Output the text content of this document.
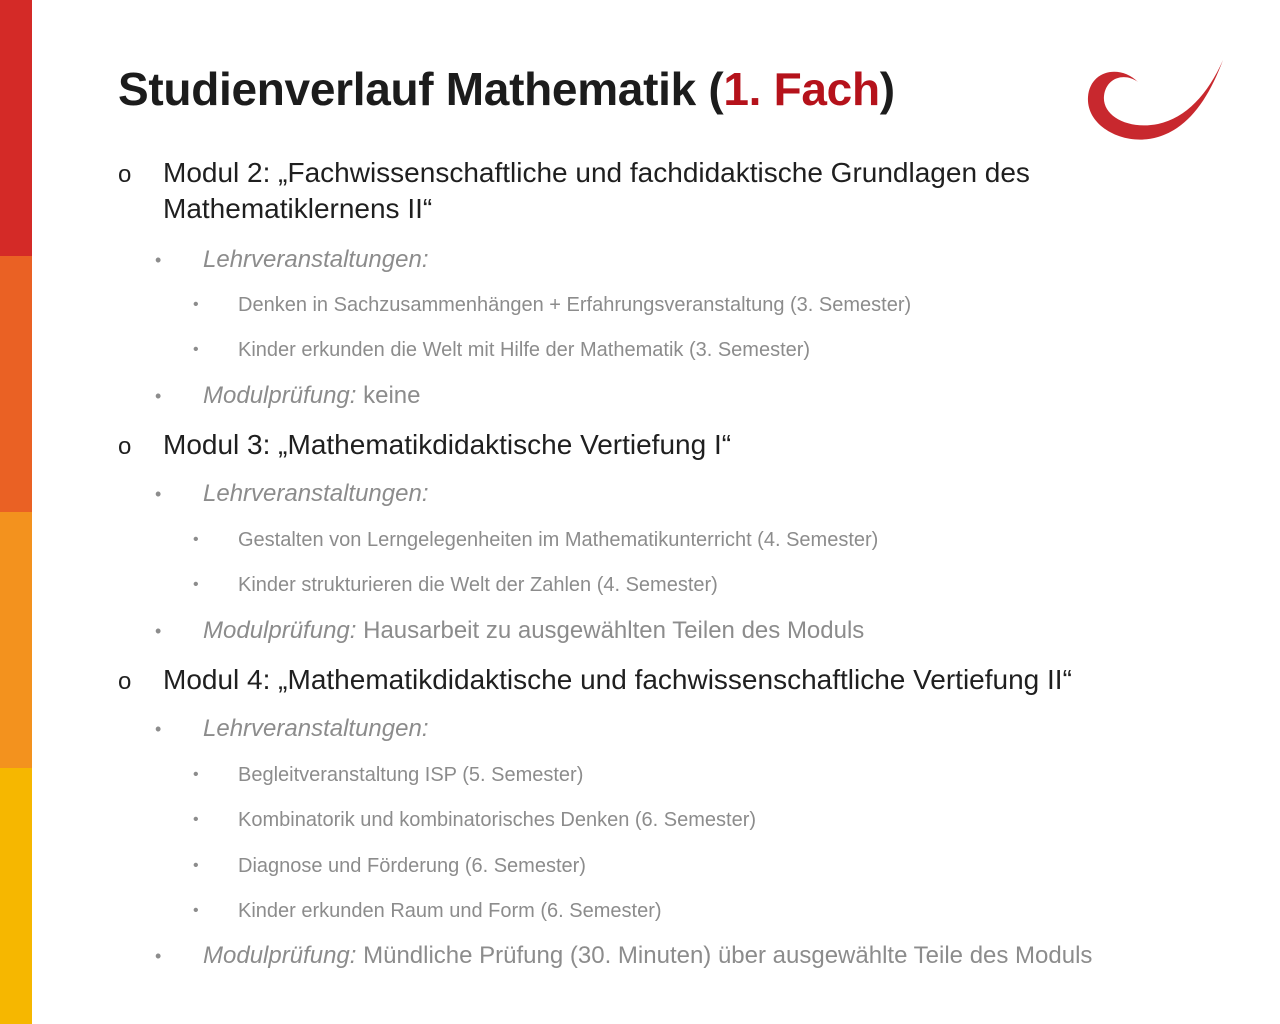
Studienverlauf Mathematik (1. Fach)
o Modul 2: „Fachwissenschaftliche und fachdidaktische Grundlagen des Mathematiklernens II“
• Lehrveranstaltungen:
• Denken in Sachzusammenhängen + Erfahrungsveranstaltung (3. Semester)
• Kinder erkunden die Welt mit Hilfe der Mathematik (3. Semester)
• Modulprüfung: keine
o Modul 3: „Mathematikdidaktische Vertiefung I“
• Lehrveranstaltungen:
• Gestalten von Lerngelegenheiten im Mathematikunterricht (4. Semester)
• Kinder strukturieren die Welt der Zahlen (4. Semester)
• Modulprüfung: Hausarbeit zu ausgewählten Teilen des Moduls
o Modul 4: „Mathematikdidaktische und fachwissenschaftliche Vertiefung II“
• Lehrveranstaltungen:
• Begleitveranstaltung ISP (5. Semester)
• Kombinatorik und kombinatorisches Denken (6. Semester)
• Diagnose und Förderung (6. Semester)
• Kinder erkunden Raum und Form (6. Semester)
• Modulprüfung: Mündliche Prüfung (30. Minuten) über ausgewählte Teile des Moduls
